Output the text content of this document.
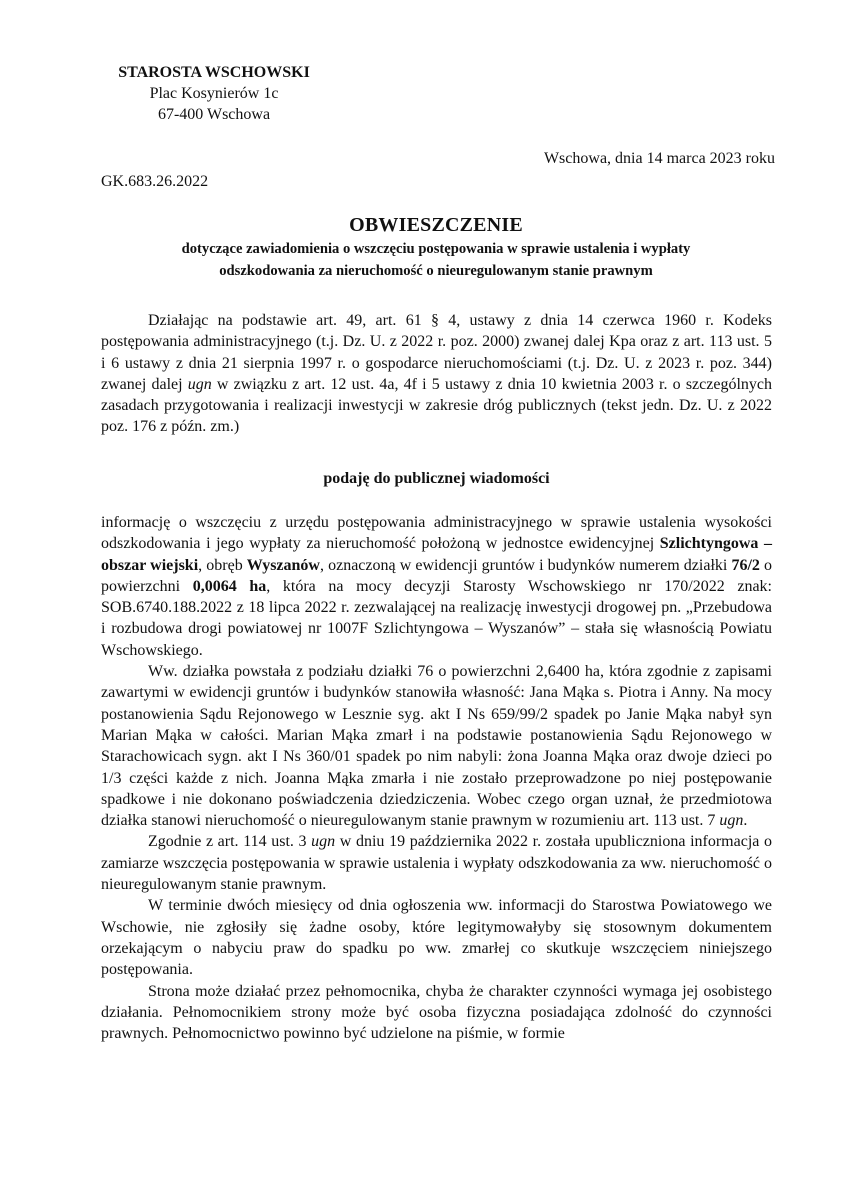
STAROSTA WSCHOWSKI
Plac Kosynierów 1c
67-400 Wschowa
Wschowa, dnia 14 marca 2023 roku
GK.683.26.2022
OBWIESZCZENIE
dotyczące zawiadomienia o wszczęciu postępowania w sprawie ustalenia i wypłaty
odszkodowania za nieruchomość o nieuregulowanym stanie prawnym

Działając na podstawie art. 49, art. 61 § 4, ustawy z dnia 14 czerwca 1960 r. Kodeks postępowania administracyjnego (t.j. Dz. U. z 2022 r. poz. 2000) zwanej dalej Kpa oraz z art. 113 ust. 5 i 6 ustawy z dnia 21 sierpnia 1997 r. o gospodarce nieruchomościami (t.j. Dz. U. z 2023 r. poz. 344) zwanej dalej ugn w związku z art. 12 ust. 4a, 4f i 5 ustawy z dnia 10 kwietnia 2003 r. o szczególnych zasadach przygotowania i realizacji inwestycji w zakresie dróg publicznych (tekst jedn. Dz. U. z 2022 poz. 176 z późn. zm.)

podaję do publicznej wiadomości

informację o wszczęciu z urzędu postępowania administracyjnego w sprawie ustalenia wysokości odszkodowania i jego wypłaty za nieruchomość położoną w jednostce ewidencyjnej Szlichtyngowa – obszar wiejski, obręb Wyszanów, oznaczoną w ewidencji gruntów i budynków numerem działki 76/2 o powierzchni 0,0064 ha, która na mocy decyzji Starosty Wschowskiego nr 170/2022 znak: SOB.6740.188.2022 z 18 lipca 2022 r. zezwalającej na realizację inwestycji drogowej pn. „Przebudowa i rozbudowa drogi powiatowej nr 1007F Szlichtyngowa – Wyszanów” – stała się własnością Powiatu Wschowskiego.

Ww. działka powstała z podziału działki 76 o powierzchni 2,6400 ha, która zgodnie z zapisami zawartymi w ewidencji gruntów i budynków stanowiła własność: Jana Mąka s. Piotra i Anny. Na mocy postanowienia Sądu Rejonowego w Lesznie syg. akt I Ns 659/99/2 spadek po Janie Mąka nabył syn Marian Mąka w całości. Marian Mąka zmarł i na podstawie postanowienia Sądu Rejonowego w Starachowicach sygn. akt I Ns 360/01 spadek po nim nabyli: żona Joanna Mąka oraz dwoje dzieci po 1/3 części każde z nich. Joanna Mąka zmarła i nie zostało przeprowadzone po niej postępowanie spadkowe i nie dokonano poświadczenia dziedziczenia. Wobec czego organ uznał, że przedmiotowa działka stanowi nieruchomość o nieuregulowanym stanie prawnym w rozumieniu art. 113 ust. 7 ugn.

Zgodnie z art. 114 ust. 3 ugn w dniu 19 października 2022 r. została upubliczniona informacja o zamiarze wszczęcia postępowania w sprawie ustalenia i wypłaty odszkodowania za ww. nieruchomość o nieuregulowanym stanie prawnym.

W terminie dwóch miesięcy od dnia ogłoszenia ww. informacji do Starostwa Powiatowego we Wschowie, nie zgłosiły się żadne osoby, które legitymowałyby się stosownym dokumentem orzekającym o nabyciu praw do spadku po ww. zmarłej co skutkuje wszczęciem niniejszego postępowania.

Strona może działać przez pełnomocnika, chyba że charakter czynności wymaga jej osobistego działania. Pełnomocnikiem strony może być osoba fizyczna posiadająca zdolność do czynności prawnych. Pełnomocnictwo powinno być udzielone na piśmie, w formie
